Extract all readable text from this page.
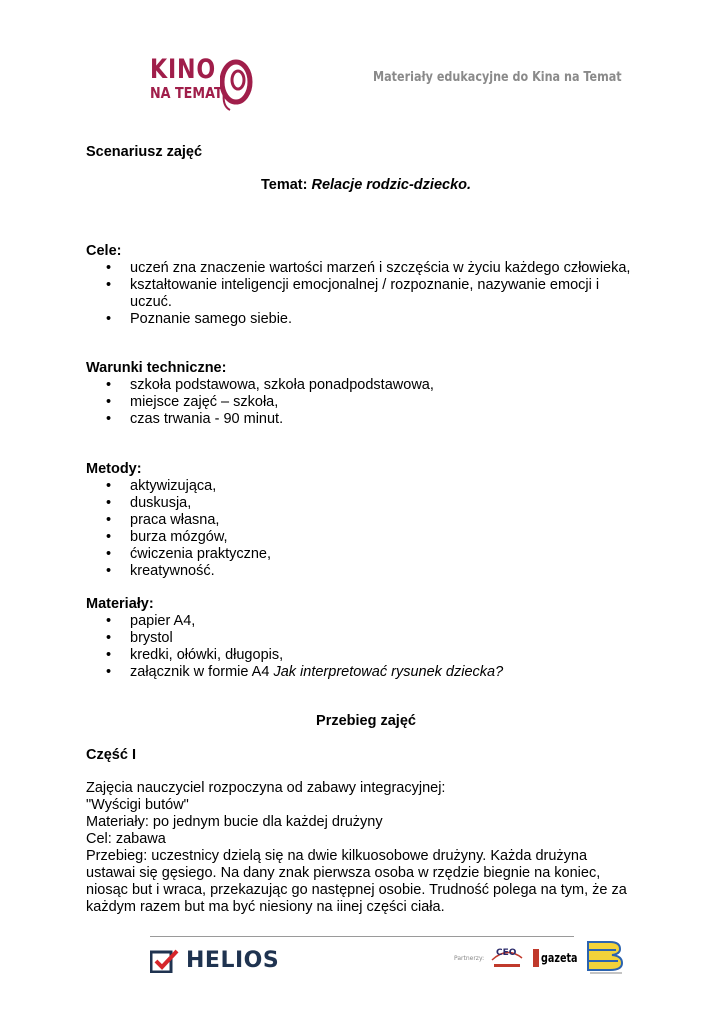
KINO
NA TEMAT
Materiały edukacyjne do Kina na Temat
Scenariusz zajęć
Temat: Relacje rodzic-dziecko.
Cele:
• uczeń zna znaczenie wartości marzeń i szczęścia w życiu każdego człowieka,
• kształtowanie inteligencji emocjonalnej / rozpoznanie, nazywanie emocji i
uczuć.
• Poznanie samego siebie.
Warunki techniczne:
• szkoła podstawowa, szkoła ponadpodstawowa,
• miejsce zajęć – szkoła,
• czas trwania - 90 minut.
Metody:
• aktywizująca,
• duskusja,
• praca własna,
• burza mózgów,
• ćwiczenia praktyczne,
• kreatywność.
Materiały:
• papier A4,
• brystol
• kredki, ołówki, długopis,
• załącznik w formie A4 Jak interpretować rysunek dziecka?
Przebieg zajęć
Część I
Zajęcia nauczyciel rozpoczyna od zabawy integracyjnej:
"Wyścigi butów"
Materiały: po jednym bucie dla każdej drużyny
Cel: zabawa
Przebieg: uczestnicy dzielą się na dwie kilkuosobowe drużyny. Każda drużyna
ustawai się gęsiego. Na dany znak pierwsza osoba w rzędzie biegnie na koniec,
niosąc but i wraca, przekazując go następnej osobie. Trudność polega na tym, że za
każdym razem but ma być niesiony na iinej części ciała.
HELIOS	Partnerzy:
CEO gazeta
